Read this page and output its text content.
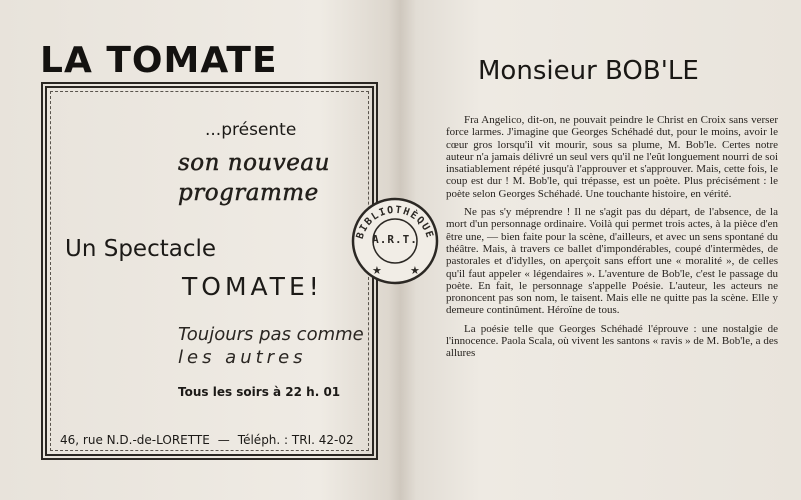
LA TOMATE
...présente
son nouveau
programme
Un Spectacle
TOMATE!
Toujours pas comme
les autres
Tous les soirs à 22 h. 01
46, rue N.D.-de-LORETTE — Téléph. : TRI. 42-02
BIBLIOTHÈQUE
★	★
A.R.T.
Monsieur BOB'LE

Fra Angelico, dit-on, ne pouvait peindre le Christ en Croix sans verser force larmes. J'imagine que Georges Schéhadé dut, pour le moins, avoir le cœur gros lorsqu'il vit mourir, sous sa plume, M. Bob'le. Certes notre auteur n'a jamais délivré un seul vers qu'il ne l'eût longuement nourri de soi insatiablement répété jusqu'à l'approuver et s'approuver. Mais, cette fois, le coup est dur ! M. Bob'le, qui trépasse, est un poète. Plus précisément : le poète selon Georges Schéhadé. Une touchante histoire, en vérité.

Ne pas s'y méprendre ! Il ne s'agit pas du départ, de l'absence, de la mort d'un personnage ordinaire. Voilà qui permet trois actes, à la pièce d'en être une, — bien faite pour la scène, d'ailleurs, et avec un sens spontané du théâtre. Mais, à travers ce ballet d'impondérables, coupé d'intermèdes, de pastorales et d'idylles, on aperçoit sans effort une « moralité », de celles qu'il faut appeler « légendaires ». L'aventure de Bob'le, c'est le passage du poète. En fait, le personnage s'appelle Poésie. L'auteur, les acteurs ne prononcent pas son nom, le taisent. Mais elle ne quitte pas la scène. Elle y demeure continûment. Héroïne de tous.

La poésie telle que Georges Schéhadé l'éprouve : une nostalgie de l'innocence. Paola Scala, où vivent les santons « ravis » de M. Bob'le, a des allures
